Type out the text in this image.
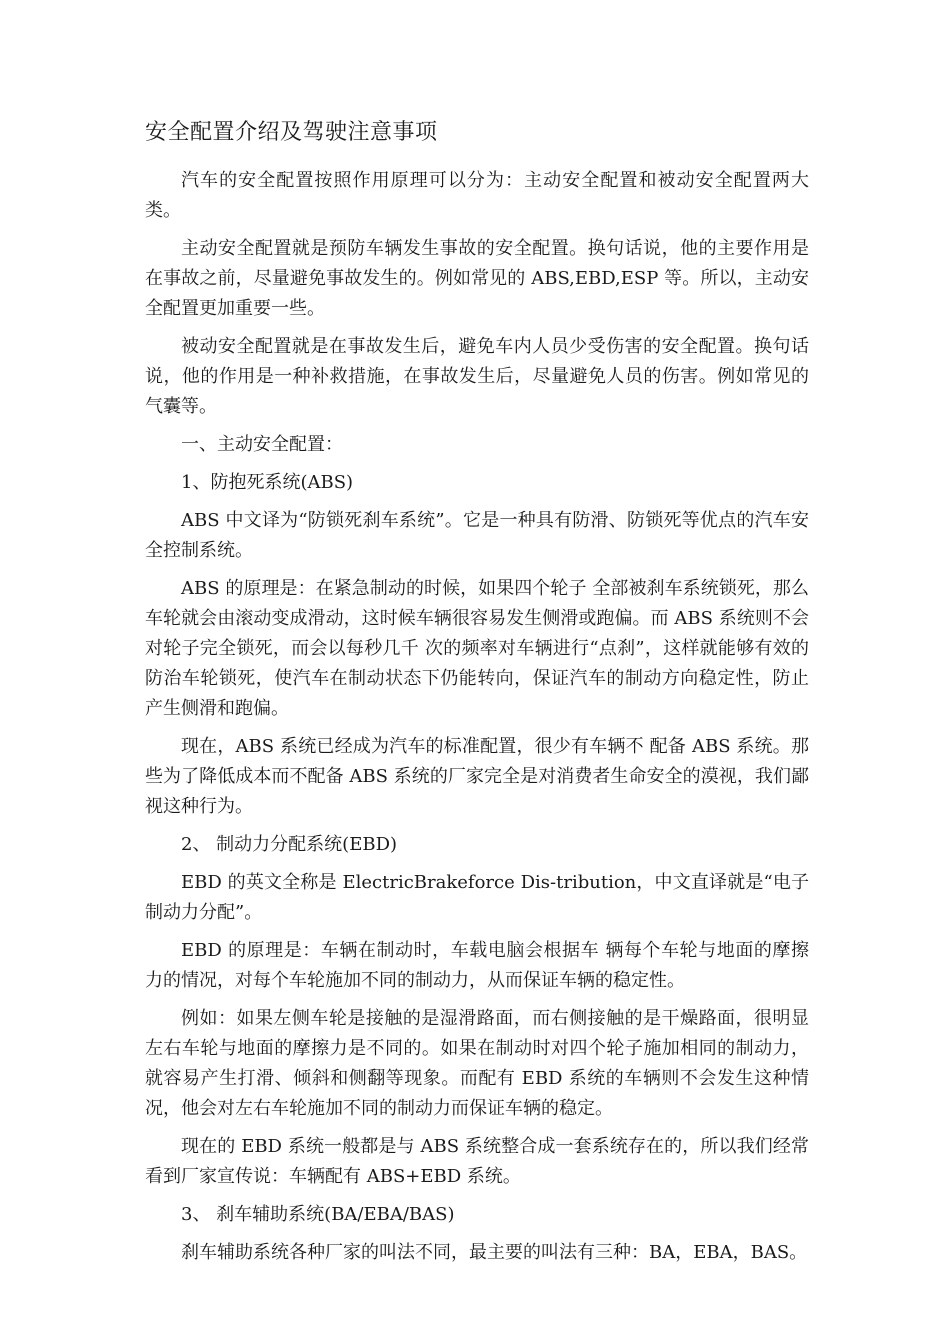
安全配置介绍及驾驶注意事项

汽车的安全配置按照作用原理可以分为：主动安全配置和被动安全配置两大类。

主动安全配置就是预防车辆发生事故的安全配置。换句话说，他的主要作用是在事故之前，尽量避免事故发生的。例如常见的 ABS,EBD,ESP 等。所以，主动安全配置更加重要一些。

被动安全配置就是在事故发生后，避免车内人员少受伤害的安全配置。换句话说，他的作用是一种补救措施，在事故发生后，尽量避免人员的伤害。例如常见的气囊等。

一、主动安全配置：

1、防抱死系统(ABS)

ABS 中文译为“防锁死刹车系统”。它是一种具有防滑、防锁死等优点的汽车安全控制系统。

ABS 的原理是：在紧急制动的时候，如果四个轮子 全部被刹车系统锁死，那么车轮就会由滚动变成滑动，这时候车辆很容易发生侧滑或跑偏。而 ABS 系统则不会对轮子完全锁死，而会以每秒几千 次的频率对车辆进行“点刹”，这样就能够有效的防治车轮锁死，使汽车在制动状态下仍能转向，保证汽车的制动方向稳定性，防止产生侧滑和跑偏。

现在，ABS 系统已经成为汽车的标准配置，很少有车辆不 配备 ABS 系统。那些为了降低成本而不配备 ABS 系统的厂家完全是对消费者生命安全的漠视，我们鄙视这种行为。

2、 制动力分配系统(EBD)

EBD 的英文全称是 ElectricBrakeforce Dis-tribution，中文直译就是“电子制动力分配”。

EBD 的原理是：车辆在制动时，车载电脑会根据车 辆每个车轮与地面的摩擦力的情况，对每个车轮施加不同的制动力，从而保证车辆的稳定性。

例如：如果左侧车轮是接触的是湿滑路面，而右侧接触的是干燥路面，很明显左右车轮与地面的摩擦力是不同的。如果在制动时对四个轮子施加相同的制动力，就容易产生打滑、倾斜和侧翻等现象。而配有 EBD 系统的车辆则不会发生这种情况，他会对左右车轮施加不同的制动力而保证车辆的稳定。

现在的 EBD 系统一般都是与 ABS 系统整合成一套系统存在的，所以我们经常看到厂家宣传说：车辆配有 ABS+EBD 系统。

3、 刹车辅助系统(BA/EBA/BAS)

刹车辅助系统各种厂家的叫法不同，最主要的叫法有三种：BA，EBA，BAS。
